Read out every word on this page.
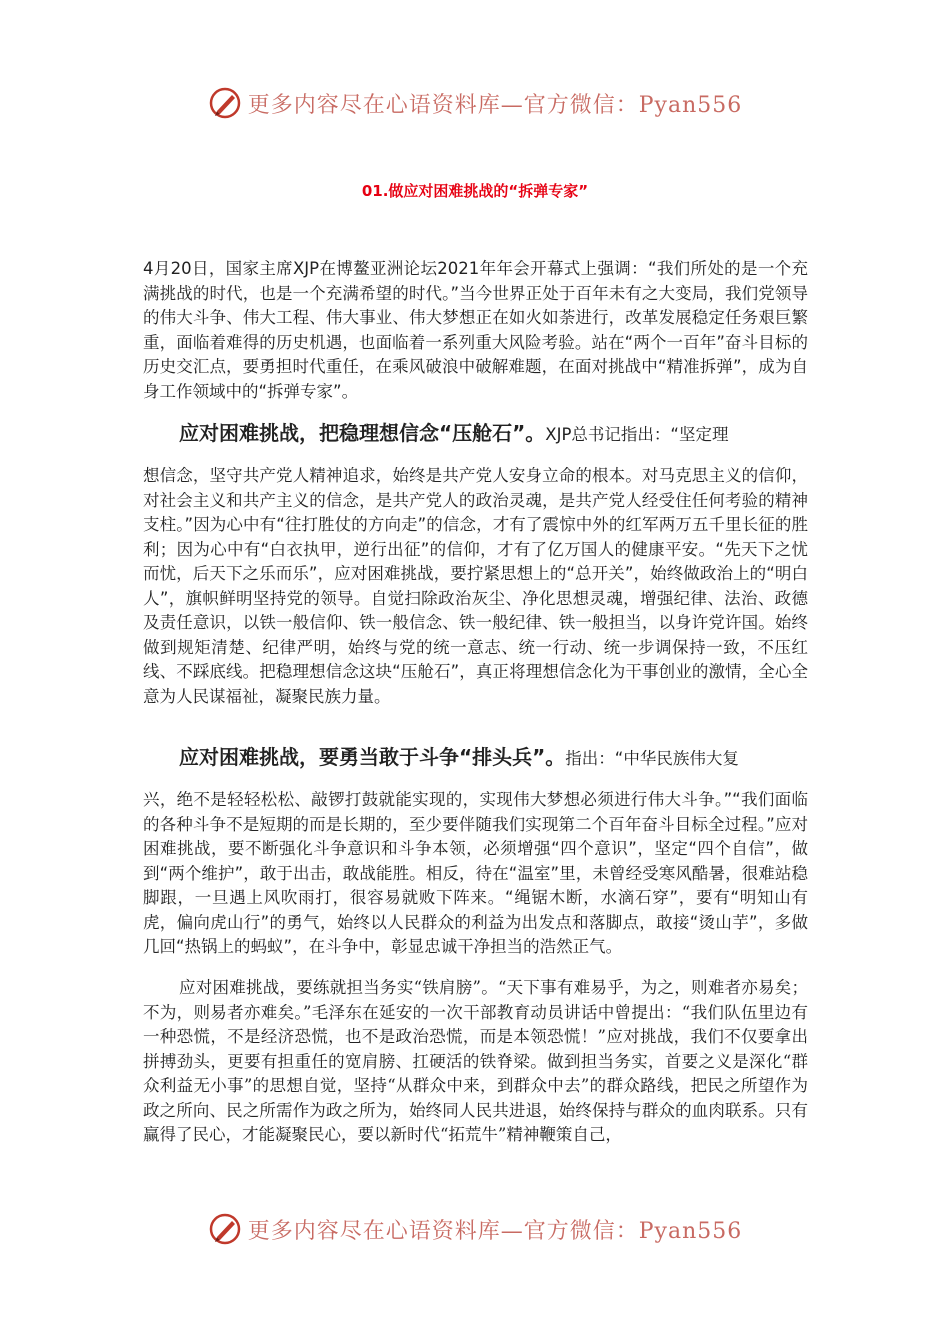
更多内容尽在心语资料库—官方微信：Pyan556
01.做应对困难挑战的“拆弹专家”
4月20日，国家主席XJP在博鳌亚洲论坛2021年年会开幕式上强调：“我们所处的是一个充满挑战的时代，也是一个充满希望的时代。”当今世界正处于百年未有之大变局，我们党领导的伟大斗争、伟大工程、伟大事业、伟大梦想正在如火如荼进行，改革发展稳定任务艰巨繁重，面临着难得的历史机遇，也面临着一系列重大风险考验。站在“两个一百年”奋斗目标的历史交汇点，要勇担时代重任，在乘风破浪中破解难题，在面对挑战中“精准拆弹”，成为自身工作领域中的“拆弹专家”。
应对困难挑战，把稳理想信念“压舱石”。XJP总书记指出：“坚定理
想信念，坚守共产党人精神追求，始终是共产党人安身立命的根本。对马克思主义的信仰，对社会主义和共产主义的信念，是共产党人的政治灵魂，是共产党人经受住任何考验的精神支柱。”因为心中有“往打胜仗的方向走”的信念，才有了震惊中外的红军两万五千里长征的胜利；因为心中有“白衣执甲，逆行出征”的信仰，才有了亿万国人的健康平安。“先天下之忧而忧，后天下之乐而乐”，应对困难挑战，要拧紧思想上的“总开关”，始终做政治上的“明白人”，旗帜鲜明坚持党的领导。自觉扫除政治灰尘、净化思想灵魂，增强纪律、法治、政德及责任意识，以铁一般信仰、铁一般信念、铁一般纪律、铁一般担当，以身许党许国。始终做到规矩清楚、纪律严明，始终与党的统一意志、统一行动、统一步调保持一致，不压红线、不踩底线。把稳理想信念这块“压舱石”，真正将理想信念化为干事创业的激情，全心全意为人民谋福祉，凝聚民族力量。
应对困难挑战，要勇当敢于斗争“排头兵”。指出：“中华民族伟大复
兴，绝不是轻轻松松、敲锣打鼓就能实现的，实现伟大梦想必须进行伟大斗争。”“我们面临的各种斗争不是短期的而是长期的，至少要伴随我们实现第二个百年奋斗目标全过程。”应对困难挑战，要不断强化斗争意识和斗争本领，必须增强“四个意识”，坚定“四个自信”，做到“两个维护”，敢于出击，敢战能胜。相反，待在“温室”里，未曾经受寒风酷暑，很难站稳脚跟，一旦遇上风吹雨打，很容易就败下阵来。“绳锯木断，水滴石穿”，要有“明知山有虎，偏向虎山行”的勇气，始终以人民群众的利益为出发点和落脚点，敢接“烫山芋”，多做几回“热锅上的蚂蚁”，在斗争中，彰显忠诚干净担当的浩然正气。
应对困难挑战，要练就担当务实“铁肩膀”。“天下事有难易乎，为之，则难者亦易矣；不为，则易者亦难矣。”毛泽东在延安的一次干部教育动员讲话中曾提出：“我们队伍里边有一种恐慌，不是经济恐慌，也不是政治恐慌，而是本领恐慌！”应对挑战，我们不仅要拿出拼搏劲头，更要有担重任的宽肩膀、扛硬活的铁脊梁。做到担当务实，首要之义是深化“群众利益无小事”的思想自觉，坚持“从群众中来，到群众中去”的群众路线，把民之所望作为政之所向、民之所需作为政之所为，始终同人民共进退，始终保持与群众的血肉联系。只有赢得了民心，才能凝聚民心，要以新时代“拓荒牛”精神鞭策自己，
更多内容尽在心语资料库—官方微信：Pyan556
